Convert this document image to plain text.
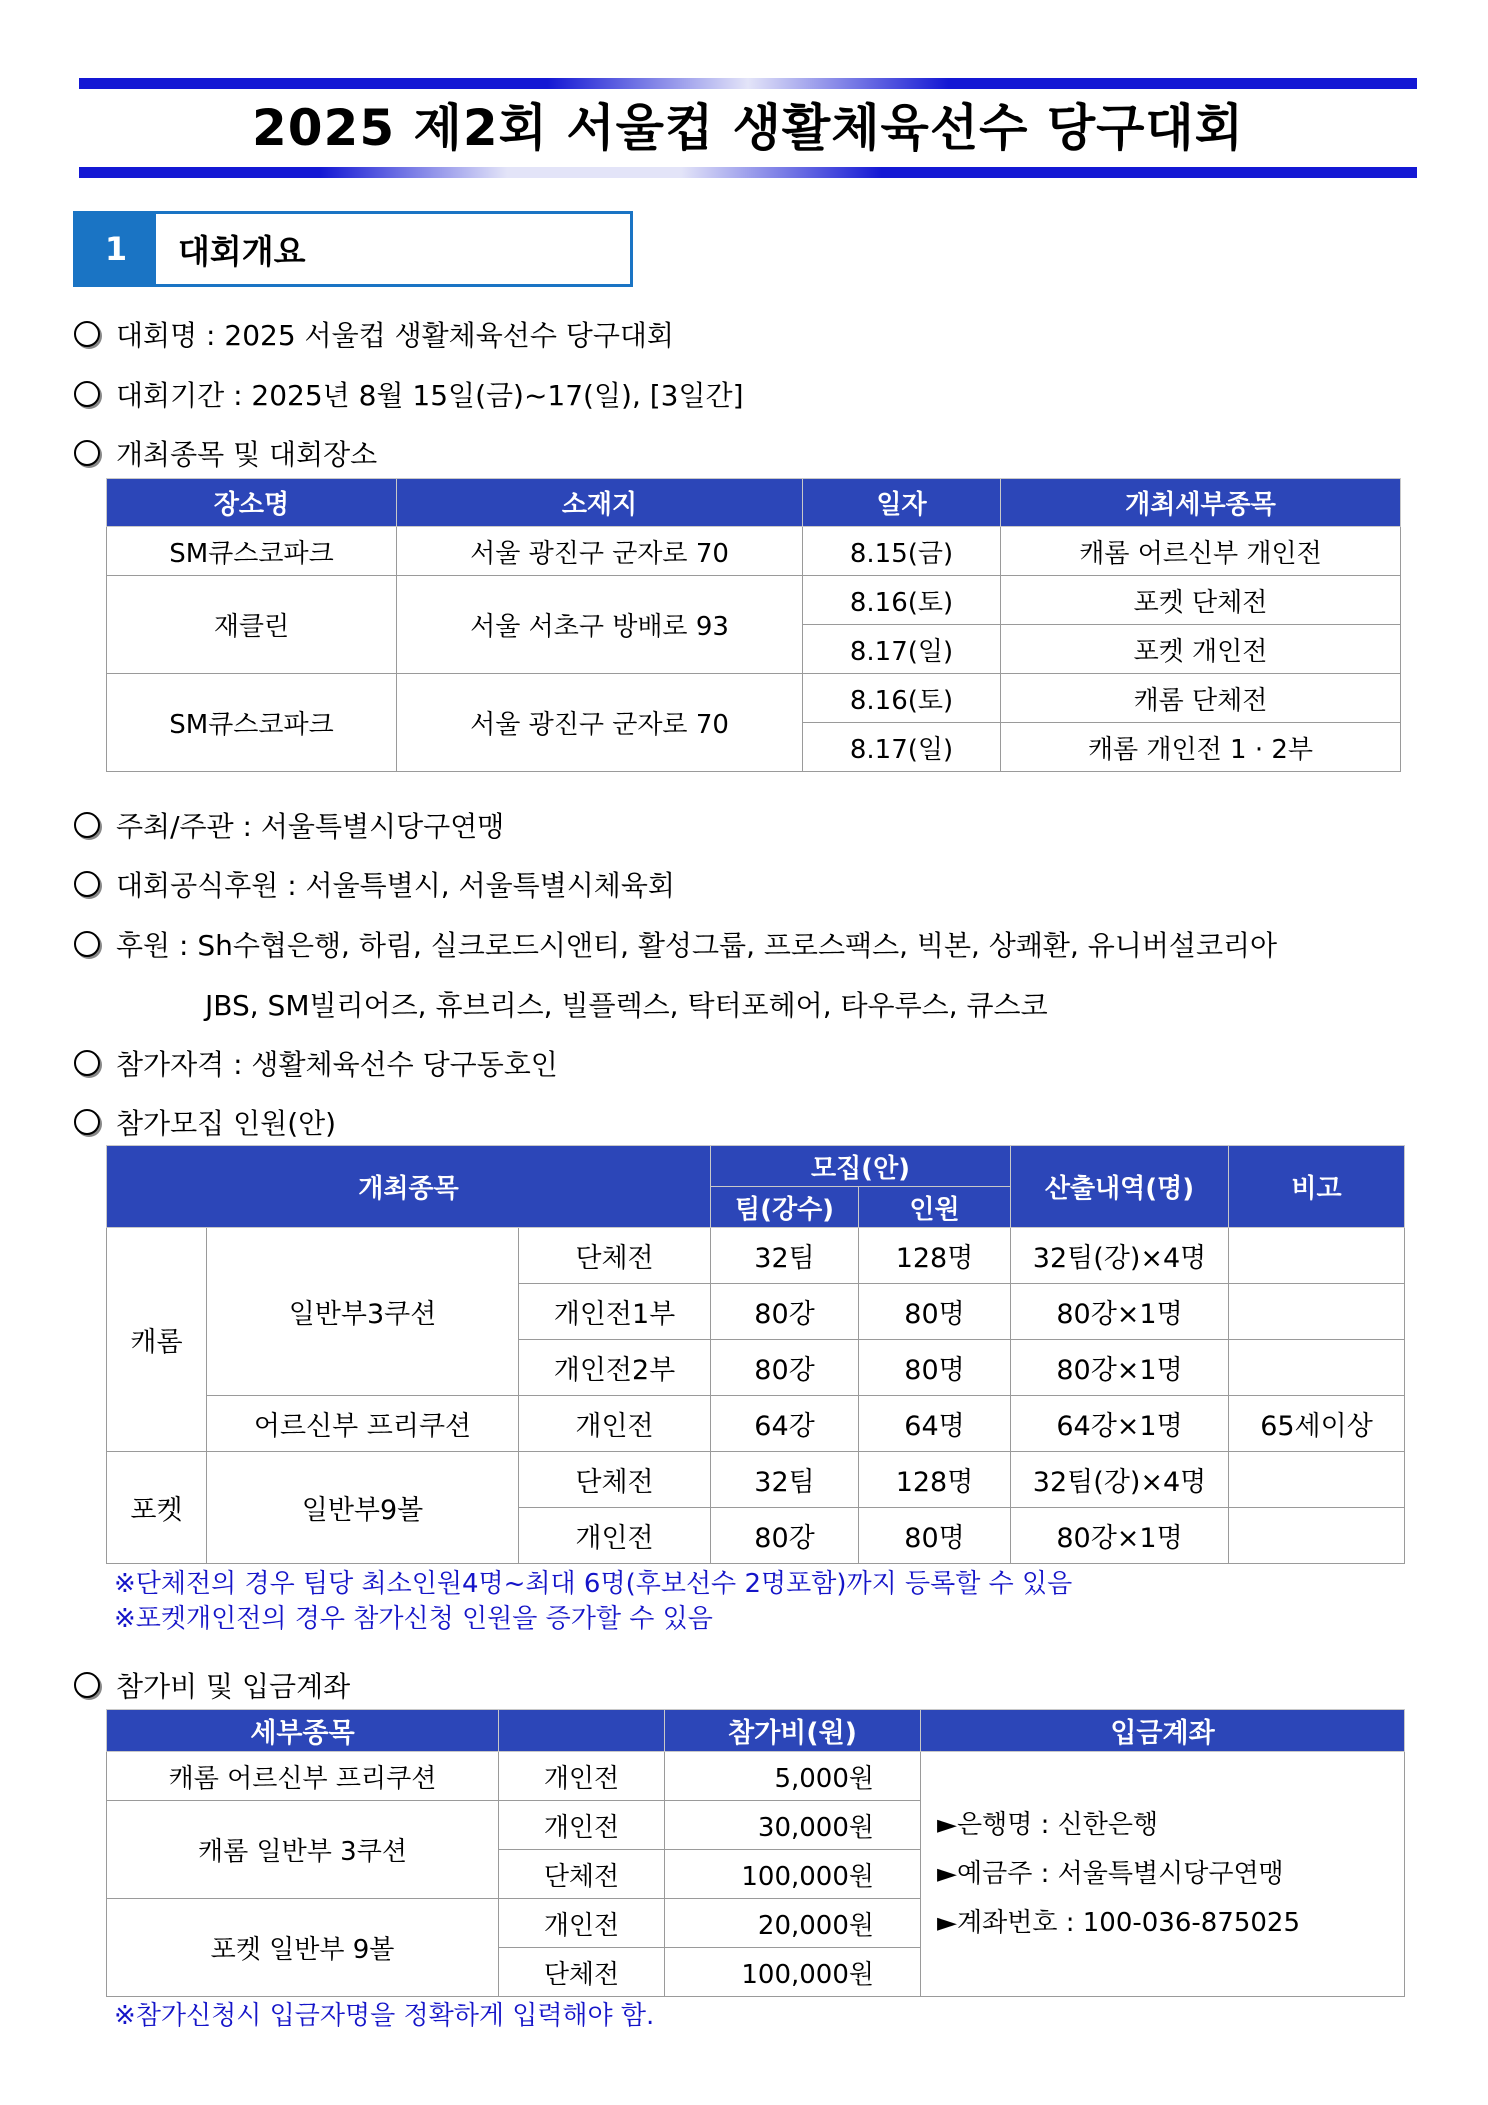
2025 제2회 서울컵 생활체육선수 당구대회
1	대회개요
대회명 : 2025 서울컵 생활체육선수 당구대회
대회기간 : 2025년 8월 15일(금)~17(일), [3일간]
개최종목 및 대회장소
장소명	소재지	일자	개최세부종목
SM큐스코파크	서울 광진구 군자로 70	8.15(금)	캐롬 어르신부 개인전
재클린	서울 서초구 방배로 93	8.16(토)	포켓 단체전
		8.17(일)	포켓 개인전
SM큐스코파크	서울 광진구 군자로 70	8.16(토)	캐롬 단체전
		8.17(일)	캐롬 개인전 1 · 2부
주최/주관 : 서울특별시당구연맹
대회공식후원 : 서울특별시, 서울특별시체육회
후원 : Sh수협은행, 하림, 실크로드시앤티, 활성그룹, 프로스팩스, 빅본, 상쾌환, 유니버설코리아
JBS, SM빌리어즈, 휴브리스, 빌플렉스, 탁터포헤어, 타우루스, 큐스코
참가자격 : 생활체육선수 당구동호인
참가모집 인원(안)
개최종목			모집(안)		산출내역(명)	비고
			팀(강수)	인원		
캐롬	일반부3쿠션	단체전	32팀	128명	32팀(강)×4명	
		개인전1부	80강	80명	80강×1명	
		개인전2부	80강	80명	80강×1명	
	어르신부 프리쿠션	개인전	64강	64명	64강×1명	65세이상
포켓	일반부9볼	단체전	32팀	128명	32팀(강)×4명	
		개인전	80강	80명	80강×1명	
※단체전의 경우 팀당 최소인원4명~최대 6명(후보선수 2명포함)까지 등록할 수 있음
※포켓개인전의 경우 참가신청 인원을 증가할 수 있음
참가비 및 입금계좌
세부종목		참가비(원)	입금계좌
캐롬 어르신부 프리쿠션	개인전	5,000원	►은행명 : 신한은행
►예금주 : 서울특별시당구연맹
►계좌번호 : 100-036-875025

캐롬 일반부 3쿠션	개인전	30,000원	
	단체전	100,000원	
포켓 일반부 9볼	개인전	20,000원	
	단체전	100,000원	
※참가신청시 입금자명을 정확하게 입력해야 함.
